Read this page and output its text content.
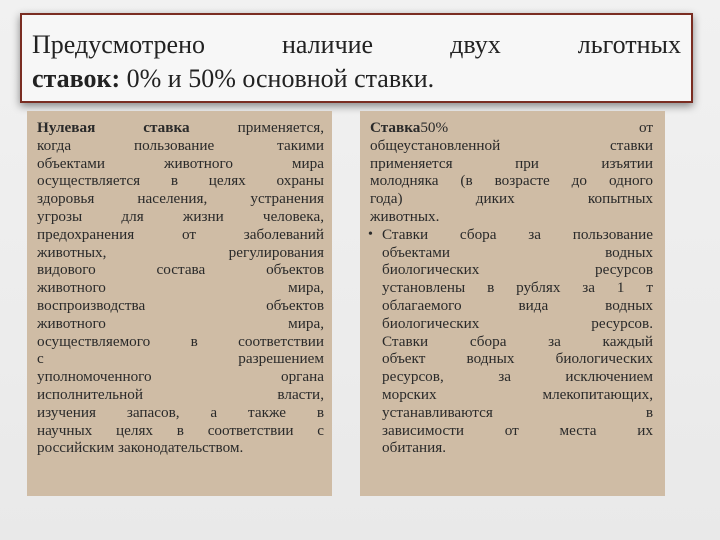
Предусмотрено наличие двух льготных
ставок: 0% и 50% основной ставки.
Нулевая ставка применяется,
когда пользование такими
объектами животного мира
осуществляется в целях охраны
здоровья населения, устранения
угрозы для жизни человека,
предохранения от заболеваний
животных, регулирования
видового состава объектов
животного мира,
воспроизводства объектов
животного мира,
осуществляемого в соответствии
с разрешением
уполномоченного органа
исполнительной власти,
изучения запасов, а также в
научных целях в соответствии с
российским законодательством.
Ставка50% от
общеустановленной ставки
применяется при изъятии
молодняка (в возрасте до одного
года) диких копытных
животных.
• Ставки сбора за пользование
объектами водных
биологических ресурсов
установлены в рублях за 1 т
облагаемого вида водных
биологических ресурсов.
Ставки сбора за каждый
объект водных биологических
ресурсов, за исключением
морских млекопитающих,
устанавливаются в
зависимости от места их
обитания.
